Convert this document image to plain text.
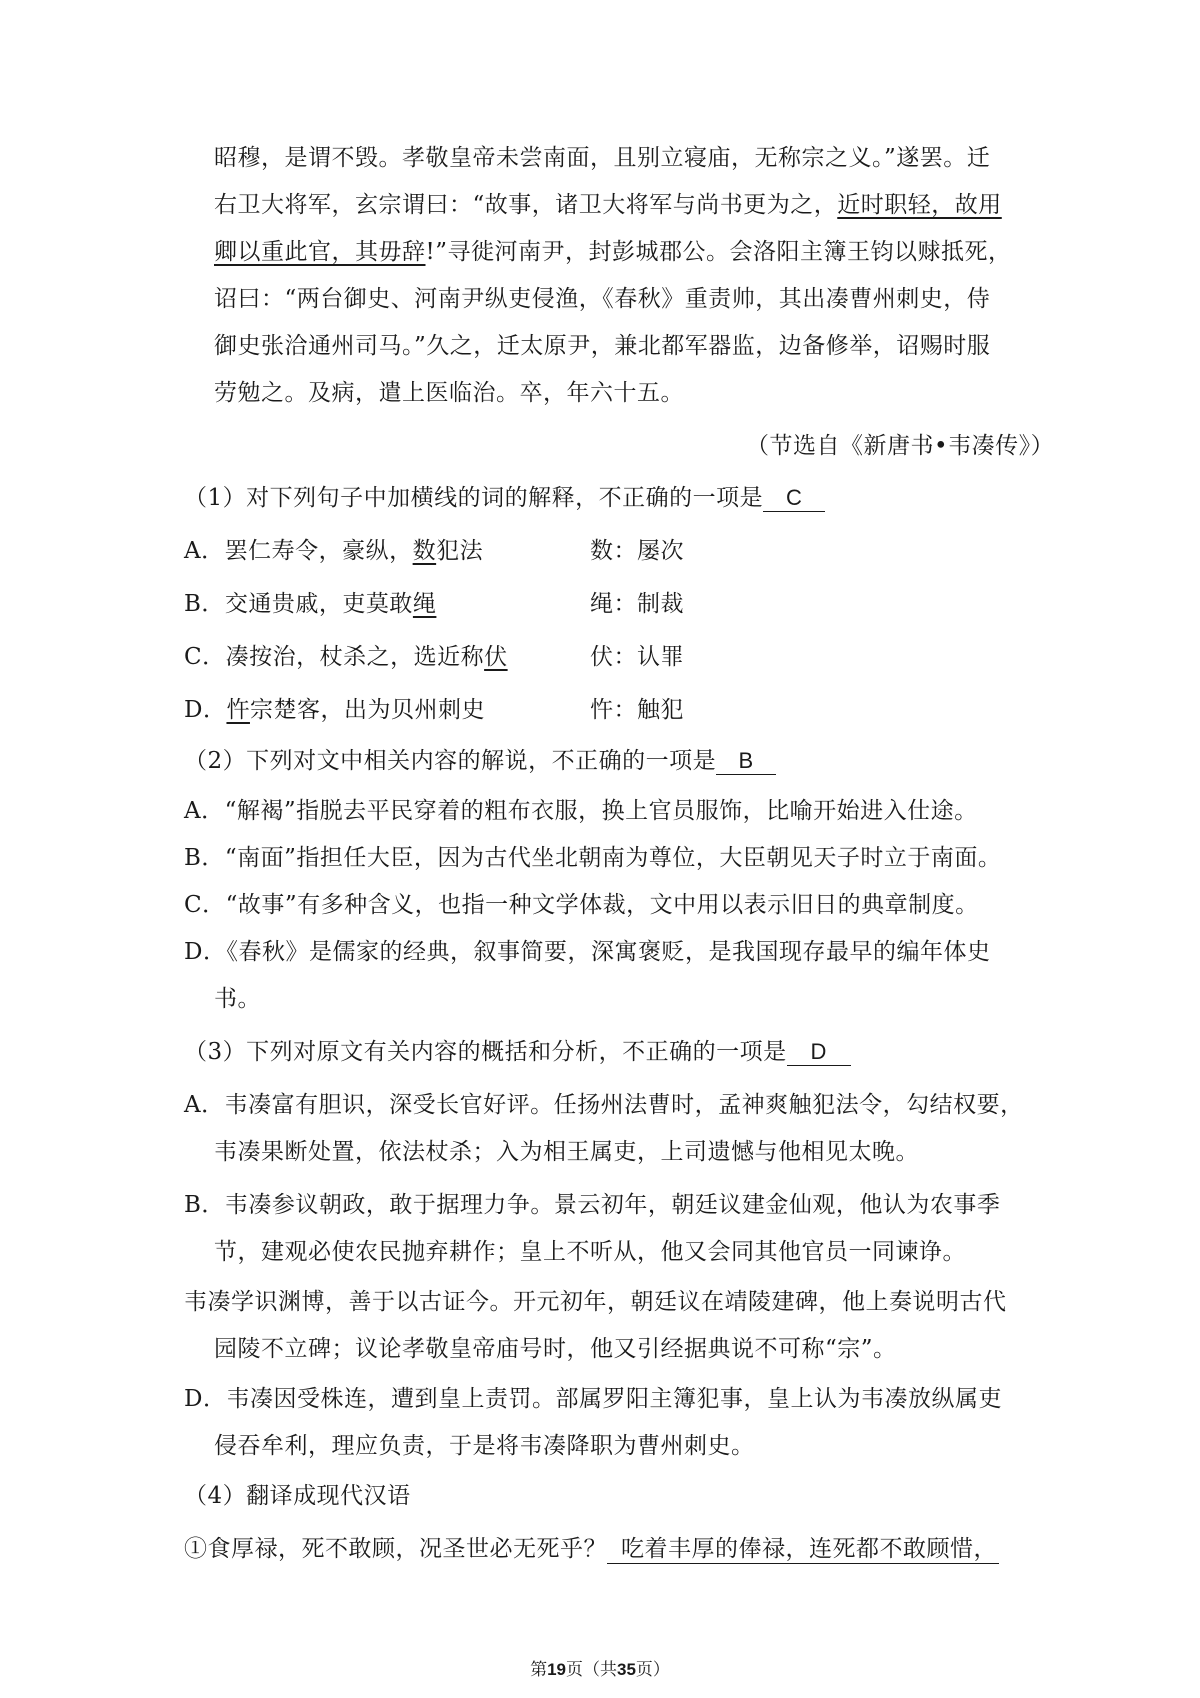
昭穆，是谓不毁。孝敬皇帝未尝南面，且别立寝庙，无称宗之义。”遂罢。迁
右卫大将军，玄宗谓曰：“故事，诸卫大将军与尚书更为之，近时职轻，故用
卿以重此官，其毋辞!”寻徙河南尹，封彭城郡公。会洛阳主簿王钧以赇抵死，
诏曰：“两台御史、河南尹纵吏侵渔，《春秋》重责帅，其出凑曹州刺史，侍
御史张洽通州司马。”久之，迁太原尹，兼北都军器监，边备修举，诏赐时服
劳勉之。及病，遣上医临治。卒，年六十五。
（节选自《新唐书•韦凑传》）
（1）对下列句子中加横线的词的解释，不正确的一项是 C
A．罢仁寿令，豪纵，数犯法	数：屡次
B．交通贵戚，吏莫敢绳	绳：制裁
C．凑按治，杖杀之，选近称伏	伏：认罪
D．忤宗楚客，出为贝州刺史	忤：触犯
（2）下列对文中相关内容的解说，不正确的一项是 B
A．“解褐”指脱去平民穿着的粗布衣服，换上官员服饰，比喻开始进入仕途。
B．“南面”指担任大臣，因为古代坐北朝南为尊位，大臣朝见天子时立于南面。
C．“故事”有多种含义，也指一种文学体裁，文中用以表示旧日的典章制度。
D．《春秋》是儒家的经典，叙事简要，深寓褒贬，是我国现存最早的编年体史
书。
（3）下列对原文有关内容的概括和分析，不正确的一项是 D
A．韦凑富有胆识，深受长官好评。任扬州法曹时，孟神爽触犯法令，勾结权要，
韦凑果断处置，依法杖杀；入为相王属吏，上司遗憾与他相见太晚。
B．韦凑参议朝政，敢于据理力争。景云初年，朝廷议建金仙观，他认为农事季
节，建观必使农民抛弃耕作；皇上不听从，他又会同其他官员一同谏诤。
韦凑学识渊博，善于以古证今。开元初年，朝廷议在靖陵建碑，他上奏说明古代
园陵不立碑；议论孝敬皇帝庙号时，他又引经据典说不可称“宗”。
D．韦凑因受株连，遭到皇上责罚。部属罗阳主簿犯事，皇上认为韦凑放纵属吏
侵吞牟利，理应负责，于是将韦凑降职为曹州刺史。
（4）翻译成现代汉语
①食厚禄，死不敢顾，况圣世必无死乎？ 吃着丰厚的俸禄，连死都不敢顾惜，
第19页（共35页）
